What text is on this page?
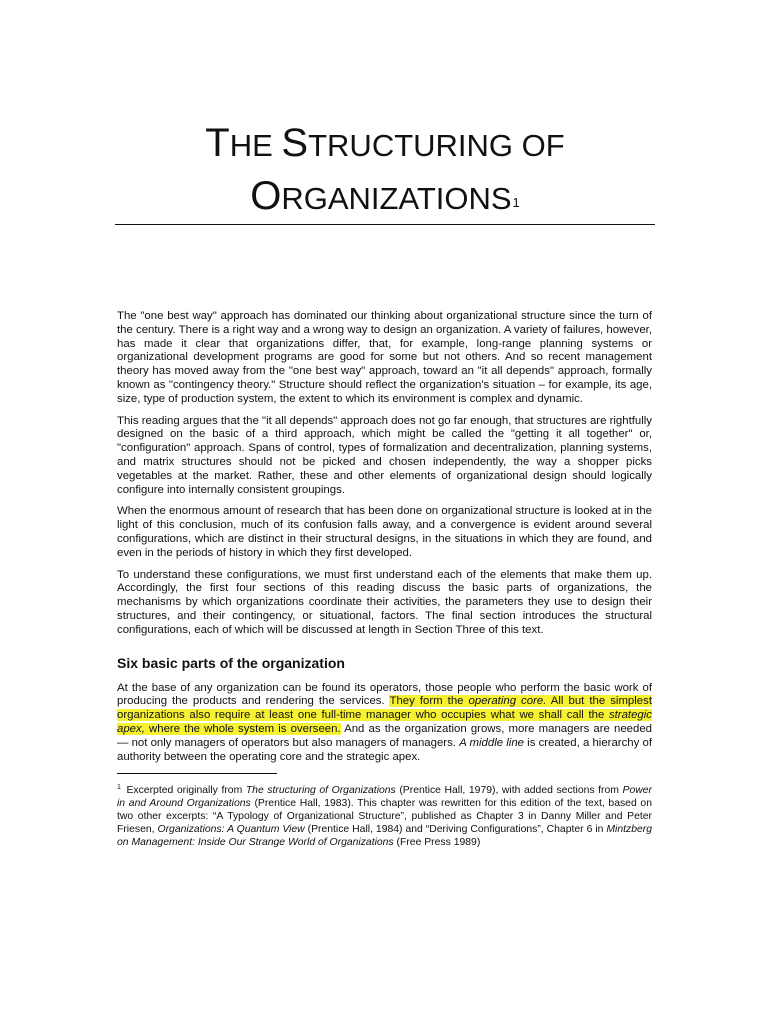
THE STRUCTURING OF
ORGANIZATIONS$^1$

The "one best way" approach has dominated our thinking about organizational structure since the turn of the century. There is a right way and a wrong way to design an organization. A variety of failures, however, has made it clear that organizations differ, that, for example, long-range planning systems or organizational development programs are good for some but not others. And so recent management theory has moved away from the "one best way" approach, toward an "it all depends" approach, formally known as "contingency theory." Structure should reflect the organization's situation – for example, its age, size, type of production system, the extent to which its environment is complex and dynamic.

This reading argues that the "it all depends" approach does not go far enough, that structures are rightfully designed on the basic of a third approach, which might be called the "getting it all together" or, "configuration" approach. Spans of control, types of formalization and decentralization, planning systems, and matrix structures should not be picked and chosen independently, the way a shopper picks vegetables at the market. Rather, these and other elements of organizational design should logically configure into internally consistent groupings.

When the enormous amount of research that has been done on organizational structure is looked at in the light of this conclusion, much of its confusion falls away, and a convergence is evident around several configurations, which are distinct in their structural designs, in the situations in which they are found, and even in the periods of history in which they first developed.

To understand these configurations, we must first understand each of the elements that make them up. Accordingly, the first four sections of this reading discuss the basic parts of organizations, the mechanisms by which organizations coordinate their activities, the parameters they use to design their structures, and their contingency, or situational, factors. The final section introduces the structural configurations, each of which will be discussed at length in Section Three of this text.

Six basic parts of the organization

At the base of any organization can be found its operators, those people who perform the basic work of producing the products and rendering the services. They form the operating core. All but the simplest organizations also require at least one full-time manager who occupies what we shall call the strategic apex, where the whole system is overseen. And as the organization grows, more managers are needed — not only managers of operators but also managers of managers. A middle line is created, a hierarchy of authority between the operating core and the strategic apex.

$^1$ Excerpted originally from The structuring of Organizations (Prentice Hall, 1979), with added sections from Power in and Around Organizations (Prentice Hall, 1983). This chapter was rewritten for this edition of the text, based on two other excerpts: “A Typology of Organizational Structure”, published as Chapter 3 in Danny Miller and Peter Friesen, Organizations: A Quantum View (Prentice Hall, 1984) and “Deriving Configurations”, Chapter 6 in Mintzberg on Management: Inside Our Strange World of Organizations (Free Press 1989)
